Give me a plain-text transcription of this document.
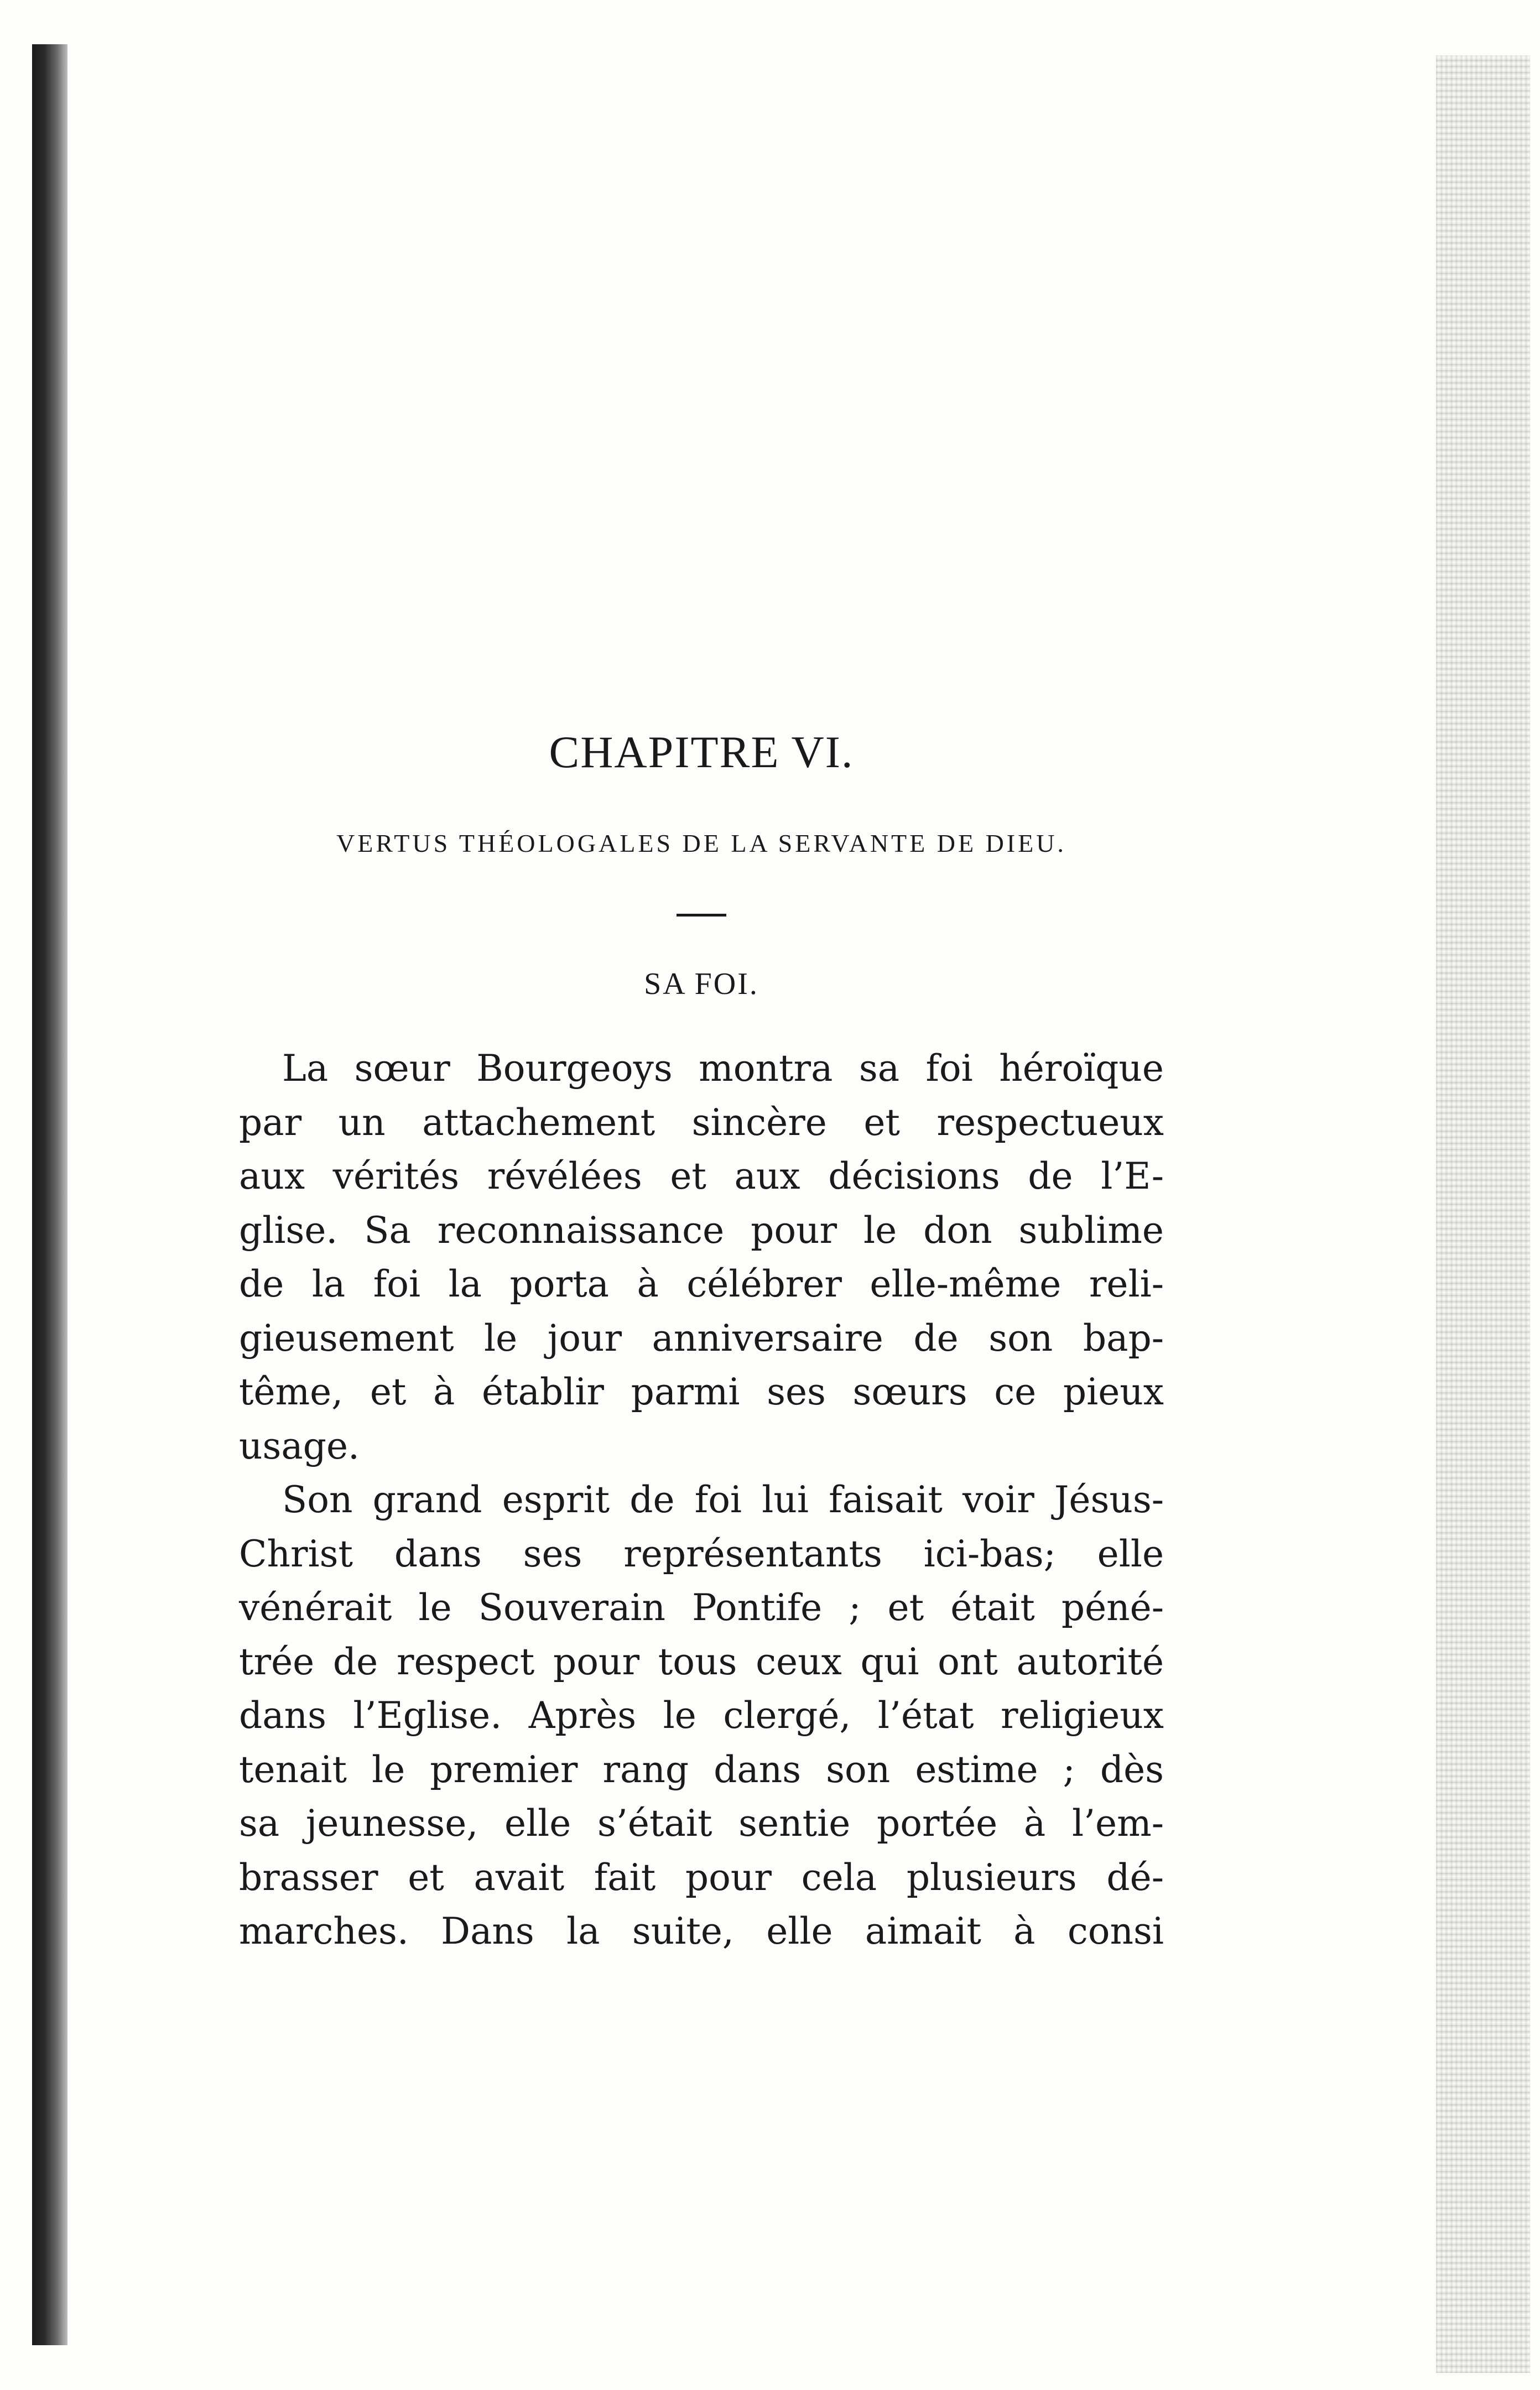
CHAPITRE VI.
VERTUS THÉOLOGALES DE LA SERVANTE DE DIEU.
SA FOI.

La sœur Bourgeoys montra sa foi héroïque

par un attachement sincère et respectueux

aux vérités révélées et aux décisions de l’E-

glise. Sa reconnaissance pour le don sublime

de la foi la porta à célébrer elle-même reli-

gieusement le jour anniversaire de son bap-

tême, et à établir parmi ses sœurs ce pieux

usage.

Son grand esprit de foi lui faisait voir Jésus-

Christ dans ses représentants ici-bas; elle

vénérait le Souverain Pontife ; et était péné-

trée de respect pour tous ceux qui ont autorité

dans l’Eglise. Après le clergé, l’état religieux

tenait le premier rang dans son estime ; dès

sa jeunesse, elle s’était sentie portée à l’em-

brasser et avait fait pour cela plusieurs dé-

marches. Dans la suite, elle aimait à consi
